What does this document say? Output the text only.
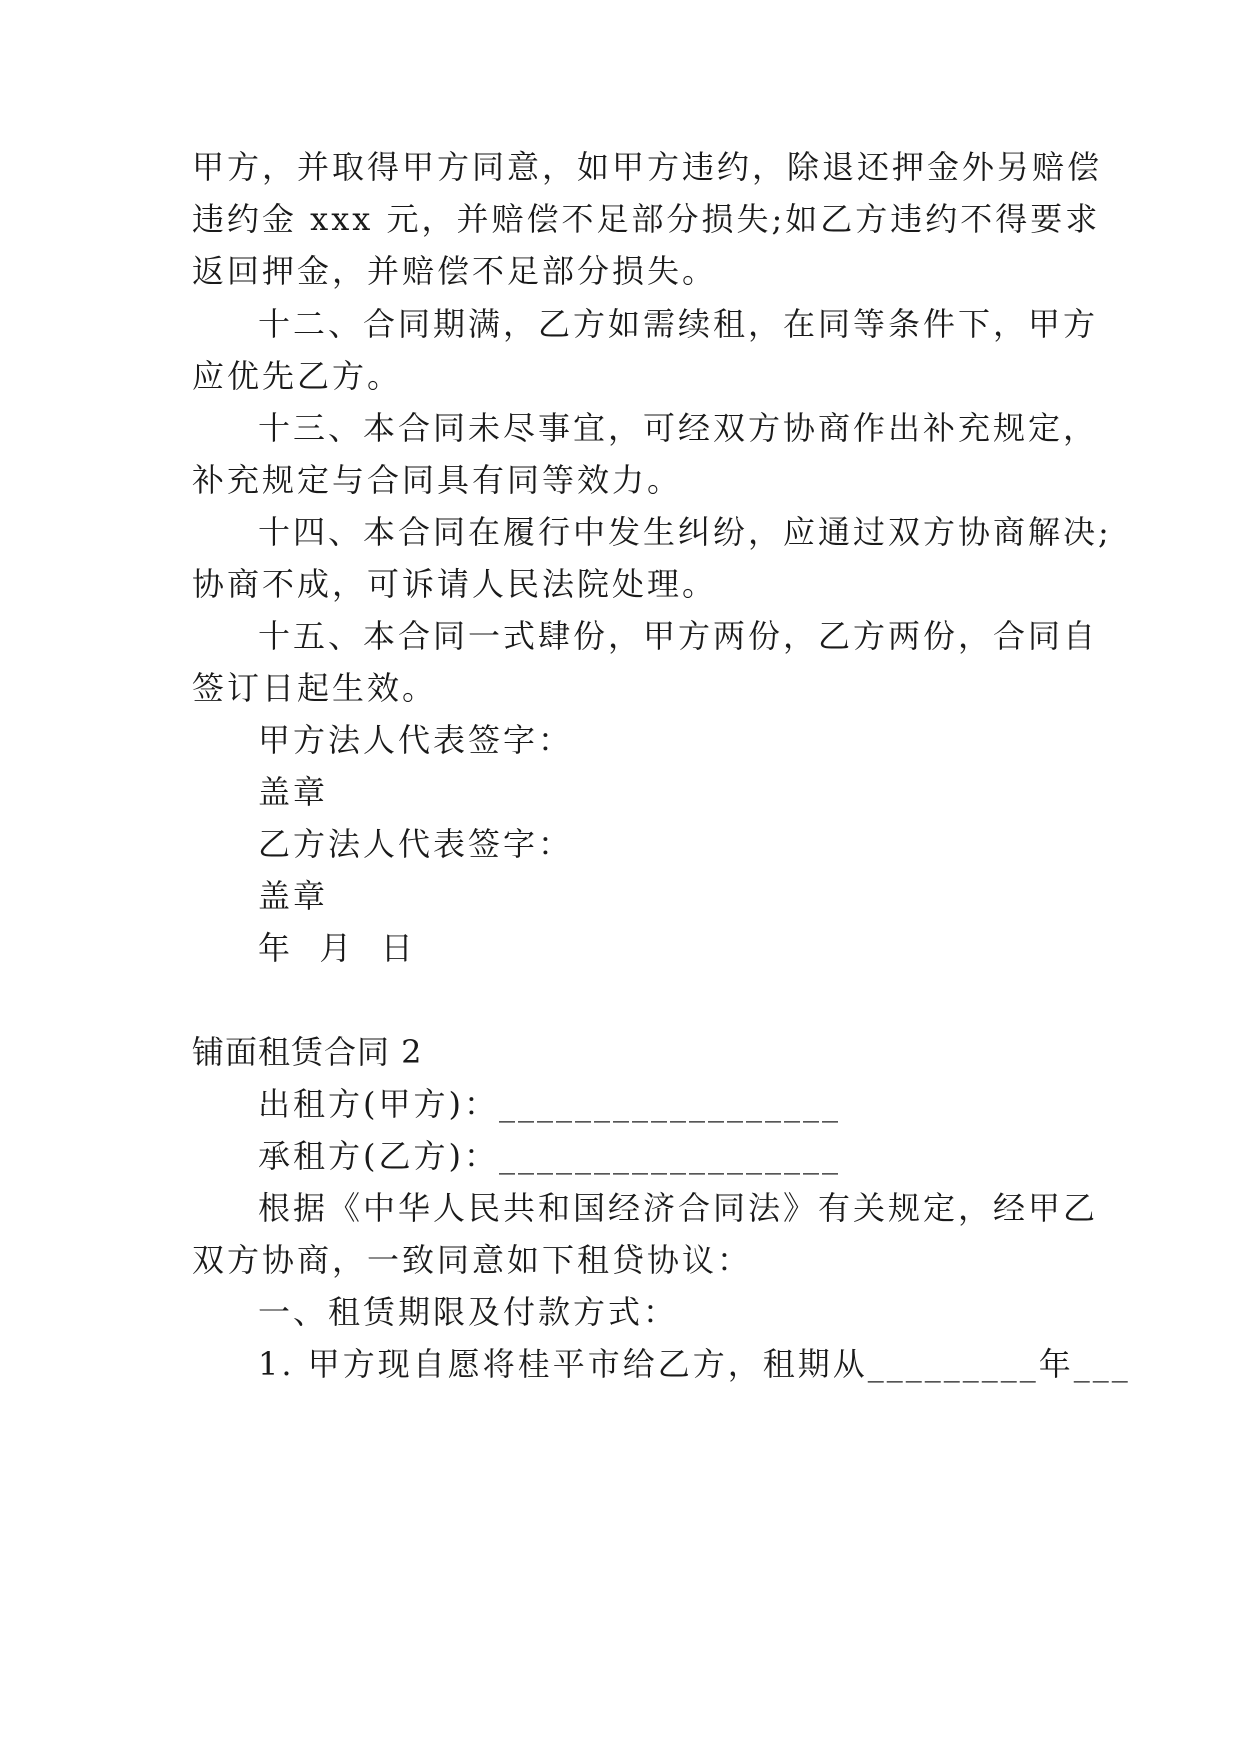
甲方，并取得甲方同意，如甲方违约，除退还押金外另赔偿
违约金 xxx 元，并赔偿不足部分损失;如乙方违约不得要求
返回押金，并赔偿不足部分损失。
十二、合同期满，乙方如需续租，在同等条件下，甲方
应优先乙方。
十三、本合同未尽事宜，可经双方协商作出补充规定，
补充规定与合同具有同等效力。
十四、本合同在履行中发生纠纷，应通过双方协商解决;
协商不成，可诉请人民法院处理。
十五、本合同一式肆份，甲方两份，乙方两份，合同自
签订日起生效。
甲方法人代表签字：
盖章
乙方法人代表签字：
盖章
年  月  日
铺面租赁合同 2
出租方(甲方)：__________________
承租方(乙方)：__________________
根据《中华人民共和国经济合同法》有关规定，经甲乙
双方协商，一致同意如下租贷协议：
一、租赁期限及付款方式：
1. 甲方现自愿将桂平市给乙方，租期从_________年___
